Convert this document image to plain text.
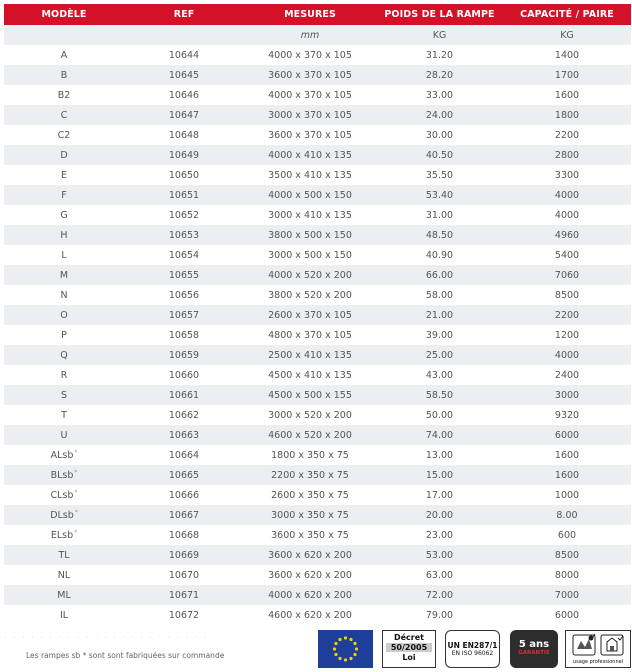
MODÈLE	REF	MESURES	POIDS DE LA RAMPE	CAPACITÉ / PAIRE
		mm	KG	KG
A	10644	4000 x 370 x 105	31.20	1400
B	10645	3600 x 370 x 105	28.20	1700
B2	10646	4000 x 370 x 105	33.00	1600
C	10647	3000 x 370 x 105	24.00	1800
C2	10648	3600 x 370 x 105	30.00	2200
D	10649	4000 x 410 x 135	40.50	2800
E	10650	3500 x 410 x 135	35.50	3300
F	10651	4000 x 500 x 150	53.40	4000
G	10652	3000 x 410 x 135	31.00	4000
H	10653	3800 x 500 x 150	48.50	4960
L	10654	3000 x 500 x 150	40.90	5400
M	10655	4000 x 520 x 200	66.00	7060
N	10656	3800 x 520 x 200	58.00	8500
O	10657	2600 x 370 x 105	21.00	2200
P	10658	4800 x 370 x 105	39.00	1200
Q	10659	2500 x 410 x 135	25.00	4000
R	10660	4500 x 410 x 135	43.00	2400
S	10661	4500 x 500 x 155	58.50	3000
T	10662	3000 x 520 x 200	50.00	9320
U	10663	4600 x 520 x 200	74.00	6000
ALsb*	10664	1800 x 350 x 75	13.00	1600
BLsb*	10665	2200 x 350 x 75	15.00	1600
CLsb*	10666	2600 x 350 x 75	17.00	1000
DLsb*	10667	3000 x 350 x 75	20.00	8.00
ELsb*	10668	3600 x 350 x 75	23.00	600
TL	10669	3600 x 620 x 200	53.00	8500
NL	10670	3600 x 620 x 200	63.00	8000
ML	10671	4000 x 620 x 200	72.00	7000
IL	10672	4600 x 620 x 200	79.00	6000
· · · · · · · · · · · · · · · · · · · · · · ·
Les rampes sb * sont sont fabriquées sur commande
Décret
50/2005
Loi
UN EN287/1
EN ISO 96062
5 ans
GARANTIE
usage professionnel
